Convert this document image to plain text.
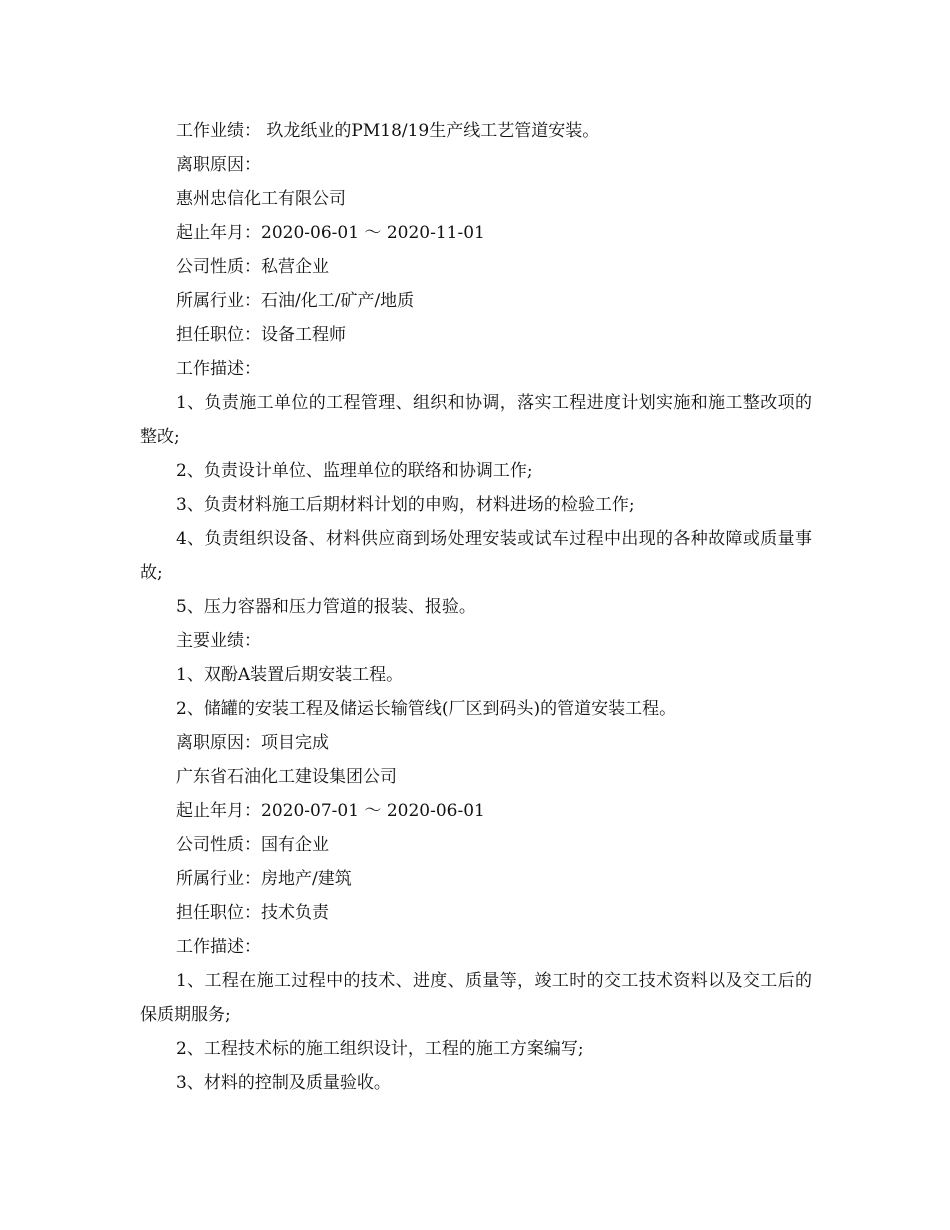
工作业绩： 玖龙纸业的PM18/19生产线工艺管道安装。

离职原因：

惠州忠信化工有限公司

起止年月：2020-06-01 ～ 2020-11-01

公司性质：私营企业

所属行业：石油/化工/矿产/地质

担任职位：设备工程师

工作描述：

1、负责施工单位的工程管理、组织和协调，落实工程进度计划实施和施工整改项的整改;

2、负责设计单位、监理单位的联络和协调工作;

3、负责材料施工后期材料计划的申购，材料进场的检验工作;

4、负责组织设备、材料供应商到场处理安装或试车过程中出现的各种故障或质量事故;

5、压力容器和压力管道的报装、报验。

主要业绩：

1、双酚A装置后期安装工程。

2、储罐的安装工程及储运长输管线(厂区到码头)的管道安装工程。

离职原因：项目完成

广东省石油化工建设集团公司

起止年月：2020-07-01 ～ 2020-06-01

公司性质：国有企业

所属行业：房地产/建筑

担任职位：技术负责

工作描述：

1、工程在施工过程中的技术、进度、质量等，竣工时的交工技术资料以及交工后的保质期服务;

2、工程技术标的施工组织设计，工程的施工方案编写;

3、材料的控制及质量验收。
